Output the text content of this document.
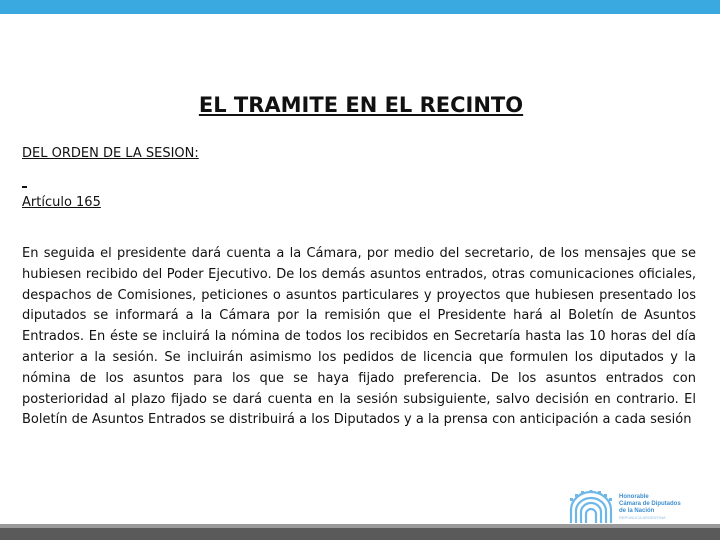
EL TRAMITE EN EL RECINTO
DEL ORDEN DE LA SESION:
Artículo 165
En seguida el presidente dará cuenta a la Cámara, por medio del secretario, de los mensajes que se hubiesen recibido del Poder Ejecutivo. De los demás asuntos entrados, otras comunicaciones oficiales, despachos de Comisiones, peticiones o asuntos particulares y proyectos que hubiesen presentado los diputados se informará a la Cámara por la remisión que el Presidente hará al Boletín de Asuntos Entrados. En éste se incluirá la nómina de todos los recibidos en Secretaría hasta las 10 horas del día anterior a la sesión. Se incluirán asimismo los pedidos de licencia que formulen los diputados y la nómina de los asuntos para los que se haya fijado preferencia. De los asuntos entrados con posterioridad al plazo fijado se dará cuenta en la sesión subsiguiente, salvo decisión en contrario. El Boletín de Asuntos Entrados se distribuirá a los Diputados y a la prensa con anticipación a cada sesión
Honorable
Cámara de Diputados
de la Nación
REPÚBLICA ARGENTINA
